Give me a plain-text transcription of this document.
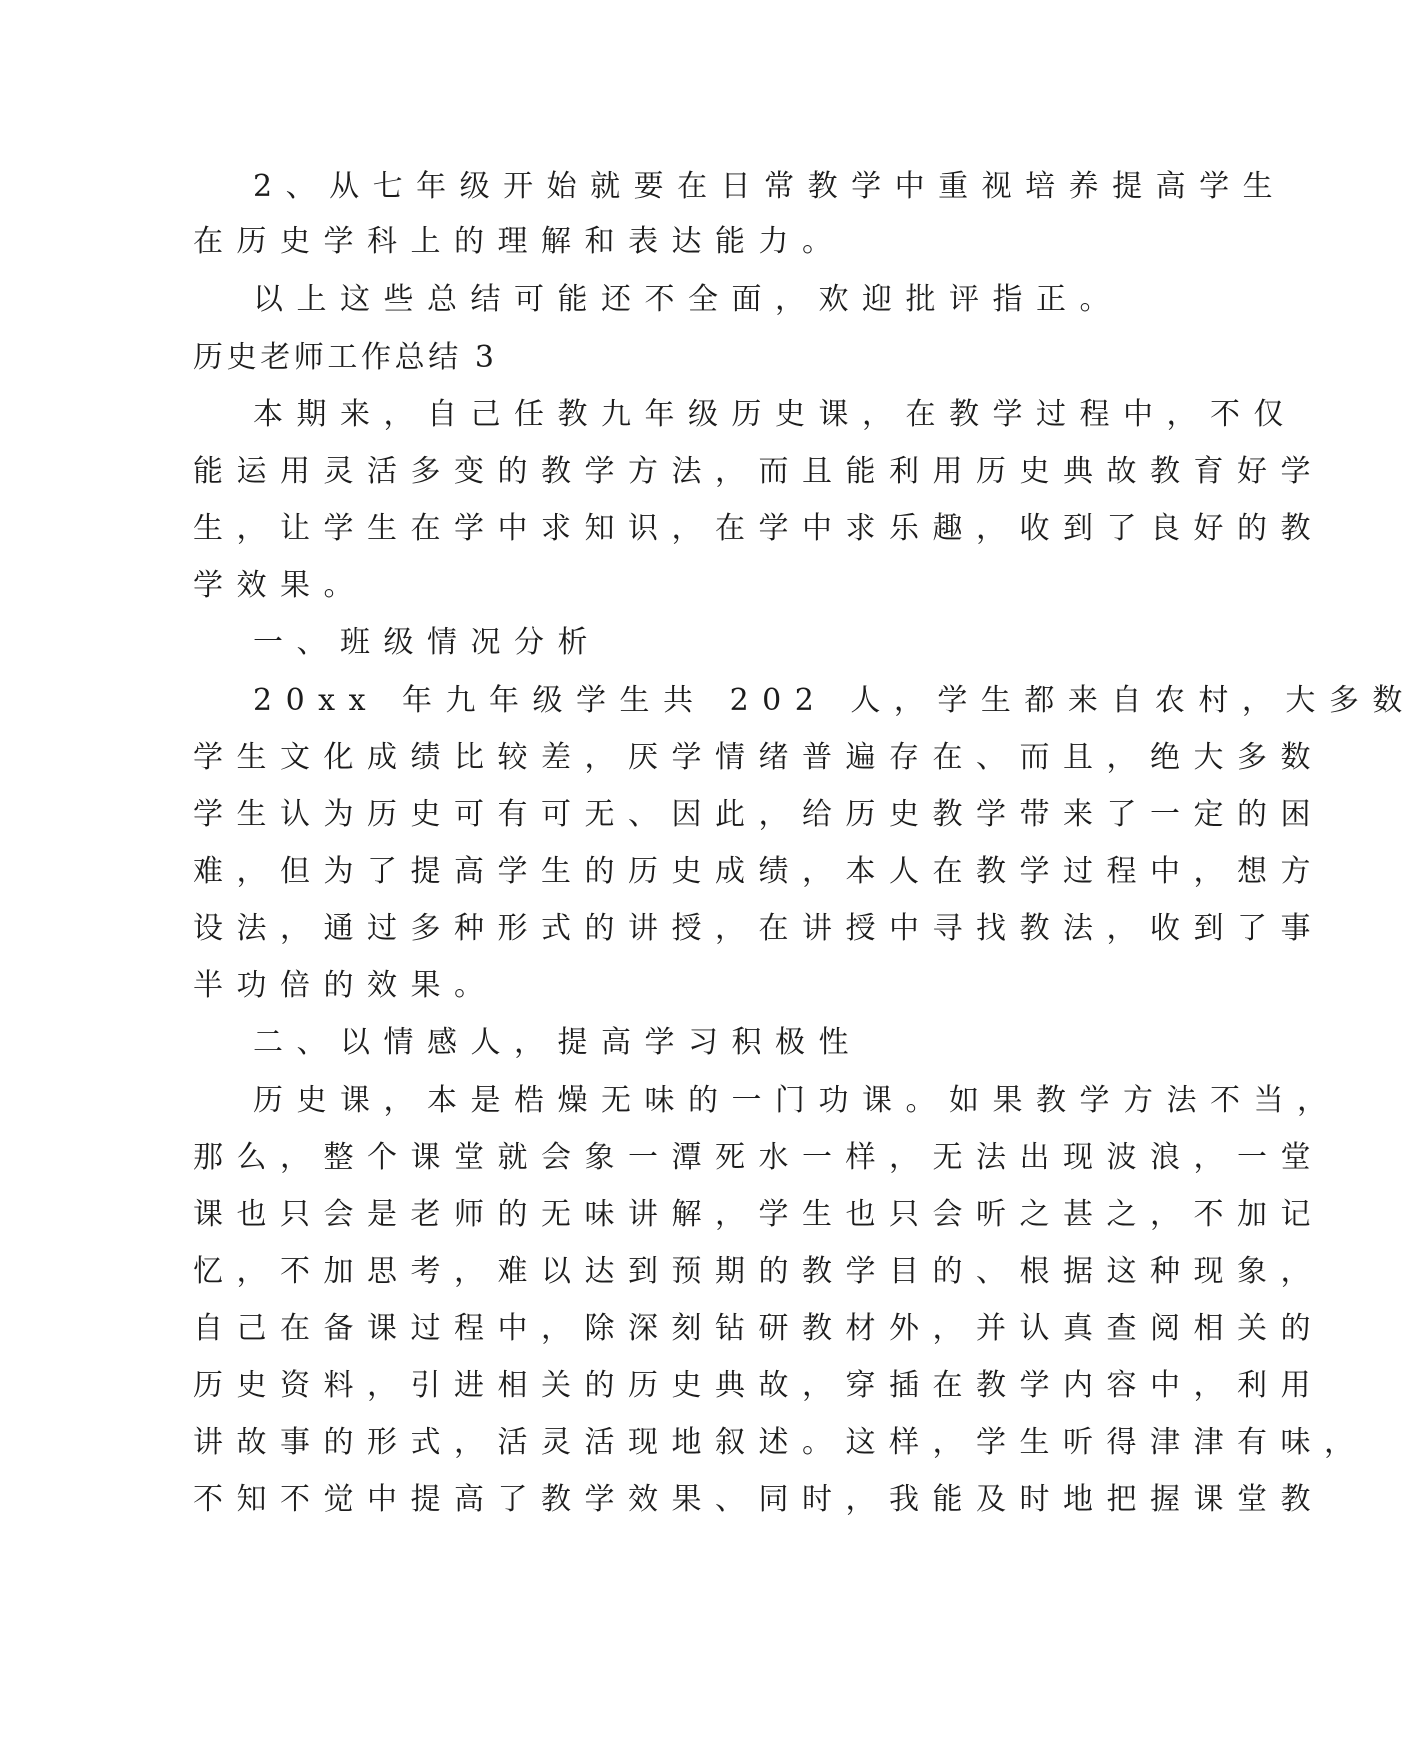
2、从七年级开始就要在日常教学中重视培养提高学生
在历史学科上的理解和表达能力。
以上这些总结可能还不全面，欢迎批评指正。
历史老师工作总结 3
本期来，自己任教九年级历史课，在教学过程中，不仅
能运用灵活多变的教学方法，而且能利用历史典故教育好学
生，让学生在学中求知识，在学中求乐趣，收到了良好的教
学效果。
一、班级情况分析
20xx 年九年级学生共 202 人，学生都来自农村，大多数
学生文化成绩比较差，厌学情绪普遍存在、而且，绝大多数
学生认为历史可有可无、因此，给历史教学带来了一定的困
难，但为了提高学生的历史成绩，本人在教学过程中，想方
设法，通过多种形式的讲授，在讲授中寻找教法，收到了事
半功倍的效果。
二、以情感人，提高学习积极性
历史课，本是梏燥无味的一门功课。如果教学方法不当，
那么，整个课堂就会象一潭死水一样，无法出现波浪，一堂
课也只会是老师的无味讲解，学生也只会听之甚之，不加记
忆，不加思考，难以达到预期的教学目的、根据这种现象，
自己在备课过程中，除深刻钻研教材外，并认真查阅相关的
历史资料，引进相关的历史典故，穿插在教学内容中，利用
讲故事的形式，活灵活现地叙述。这样，学生听得津津有味，
不知不觉中提高了教学效果、同时，我能及时地把握课堂教
